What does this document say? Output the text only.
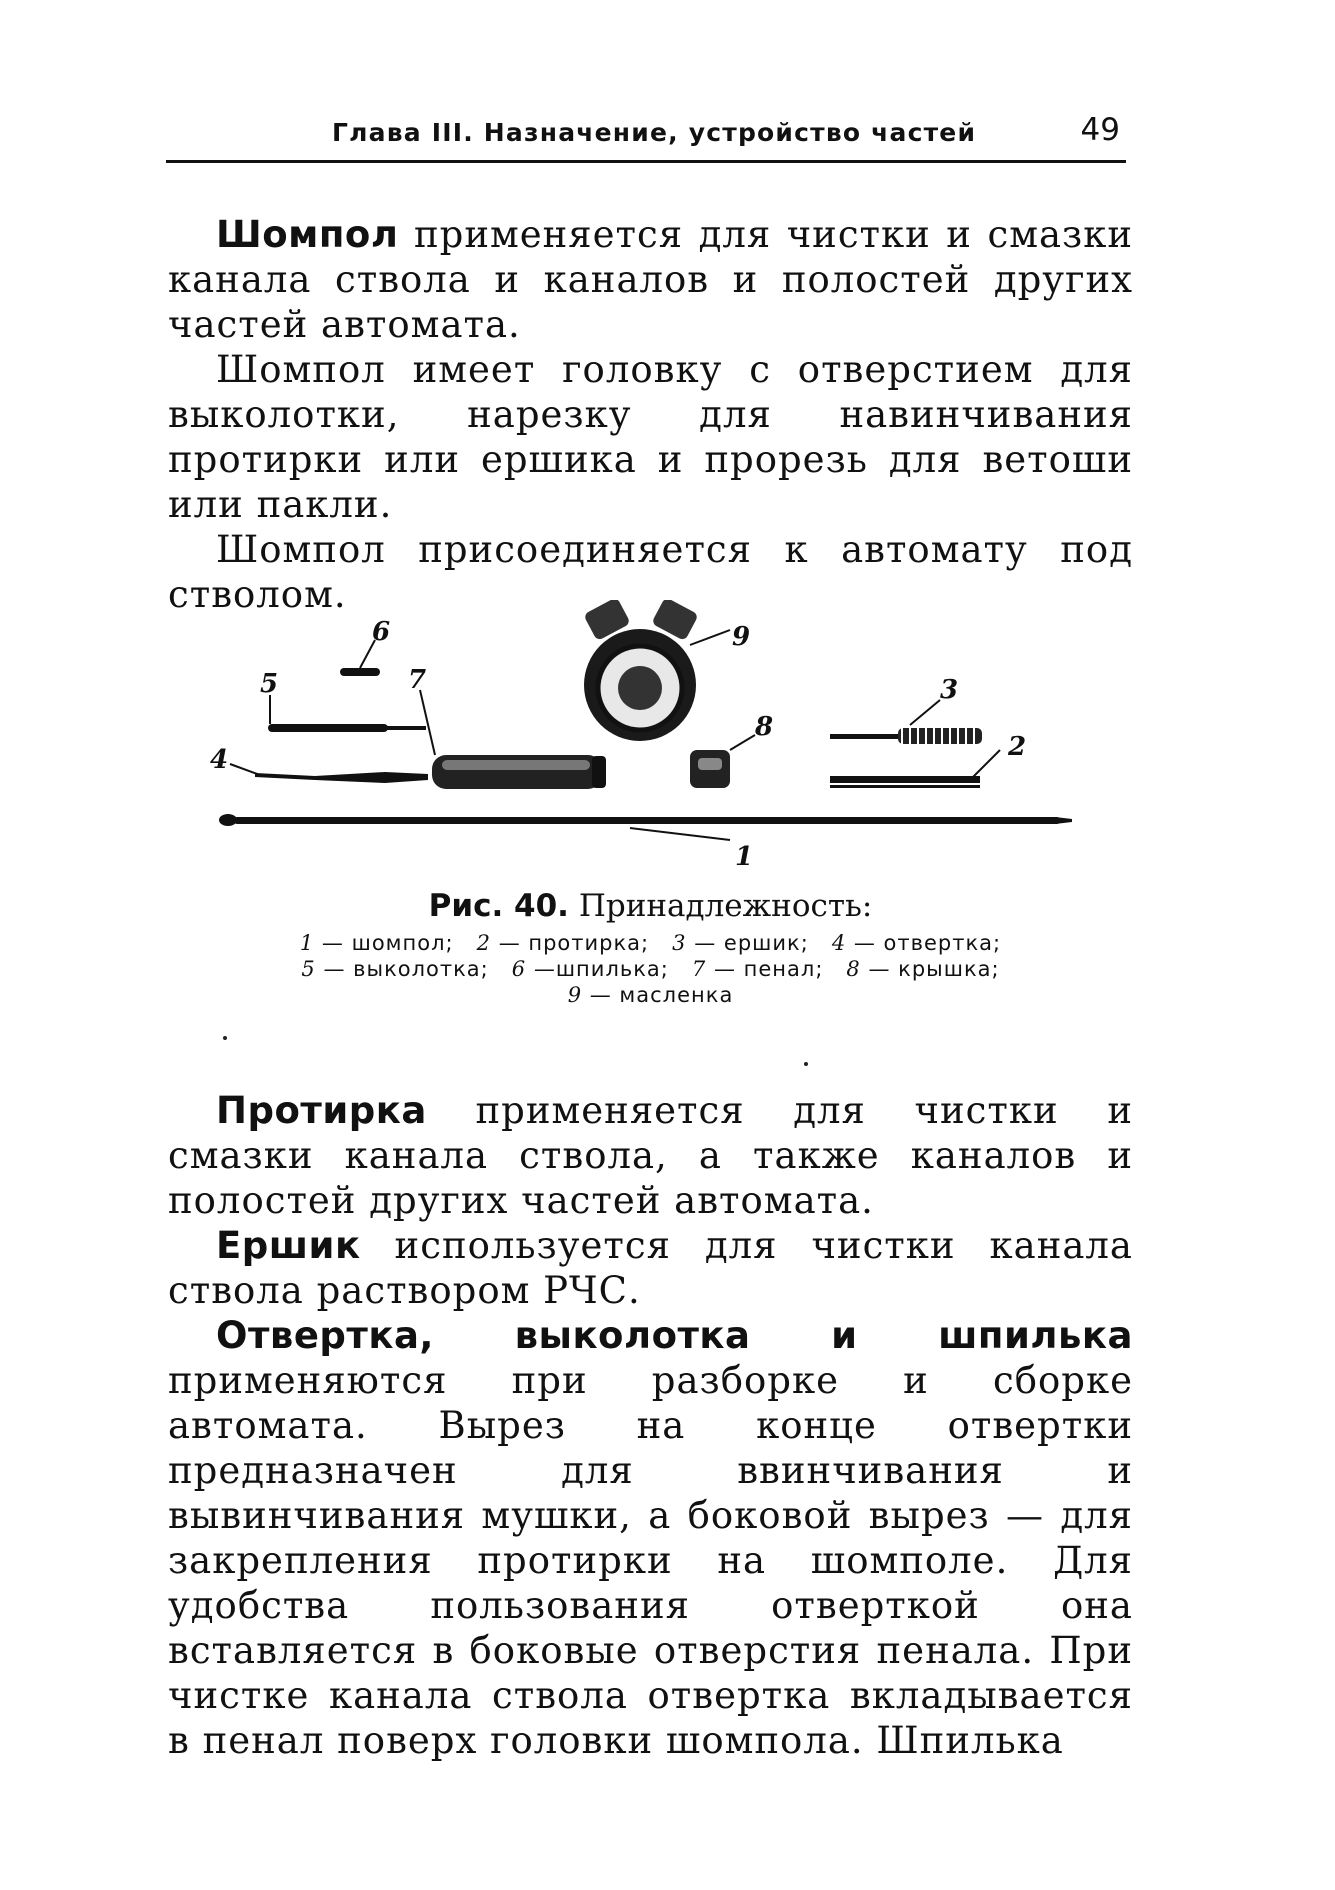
Глава III. Назначение, устройство частей	49

Шомпол применяется для чистки и смазки канала ствола и каналов и полостей других частей автомата.

Шомпол имеет головку с отверстием для выколотки, нарезку для навинчивания протирки или ершика и прорезь для ветоши или пакли.

Шомпол присоединяется к автомату под стволом.

1
2
3
4
5
6
7
8
9
Рис. 40. Принадлежность:
1 — шомпол; 2 — протирка; 3 — ершик; 4 — отвертка;
5 — выколотка; 6 —шпилька; 7 — пенал; 8 — крышка;
9 — масленка

Протирка применяется для чистки и смазки канала ствола, а также каналов и полостей других частей автомата.

Ершик используется для чистки канала ствола раствором РЧС.

Отвертка, выколотка и шпилька применяются при разборке и сборке автомата. Вырез на конце отвертки предназначен для ввинчивания и вывинчивания мушки, а боковой вырез — для закрепления протирки на шомполе. Для удобства пользования отверткой она вставляется в боковые отверстия пенала. При чистке канала ствола отвертка вкладывается в пенал поверх головки шомпола. Шпилька
